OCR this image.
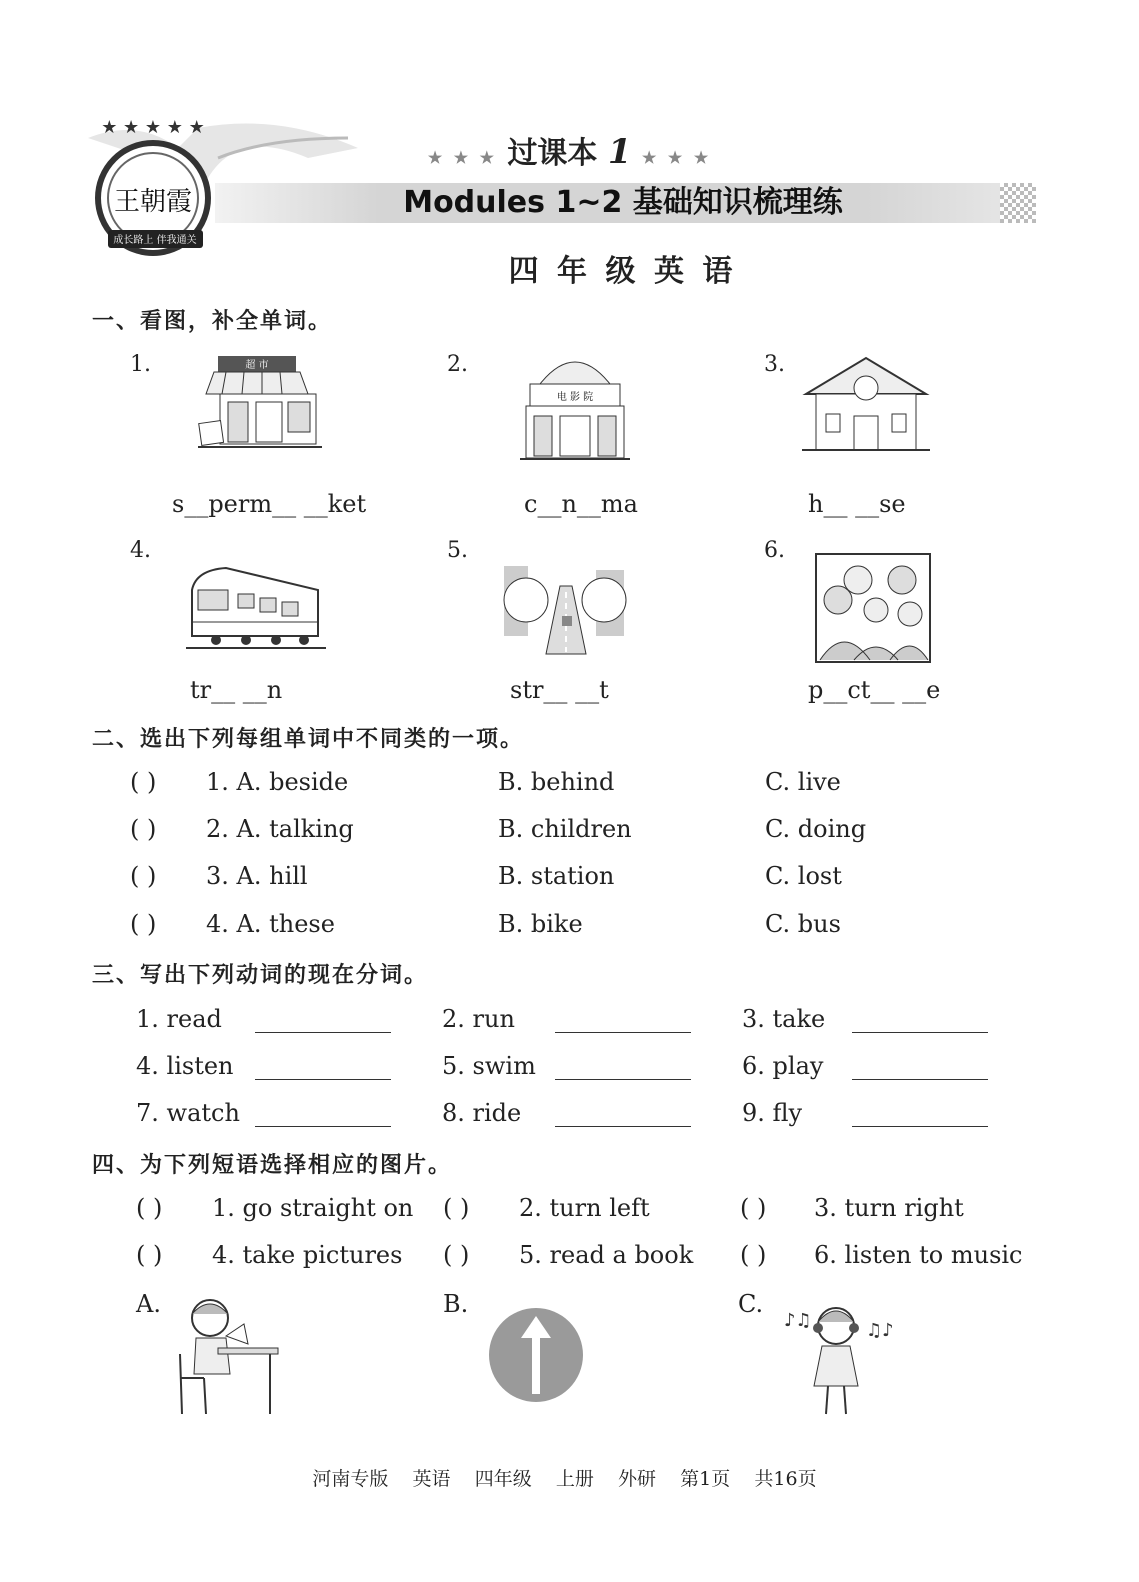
★ ★ ★ ★ ★
王朝霞
成长路上 伴我通关
★ ★ ★ 过课本 1 ★ ★ ★
Modules 1~2 基础知识梳理练
四 年 级 英 语
一、看图，补全单词。
1.	2.	3.
4.	5.	6.
超 市
电 影 院
s__perm__ __ket	c__n__ma	h__ __se
tr__ __n	str__ __t	p__ct__ __e
二、选出下列每组单词中不同类的一项。
( ) 1. A. beside	B. behind	C. live
( ) 2. A. talking	B. children	C. doing
( ) 3. A. hill	B. station	C. lost
( ) 4. A. these	B. bike	C. bus
三、写出下列动词的现在分词。
1. read	2. run	3. take
4. listen	5. swim	6. play
7. watch	8. ride	9. fly
四、为下列短语选择相应的图片。
( ) 1. go straight on ( ) 2. turn left	( ) 3. turn right
( ) 4. take pictures ( ) 5. read a book ( ) 6. listen to music
A.	B.	C.
♪♫	♫♪
河南专版    英语    四年级    上册    外研    第1页    共16页
